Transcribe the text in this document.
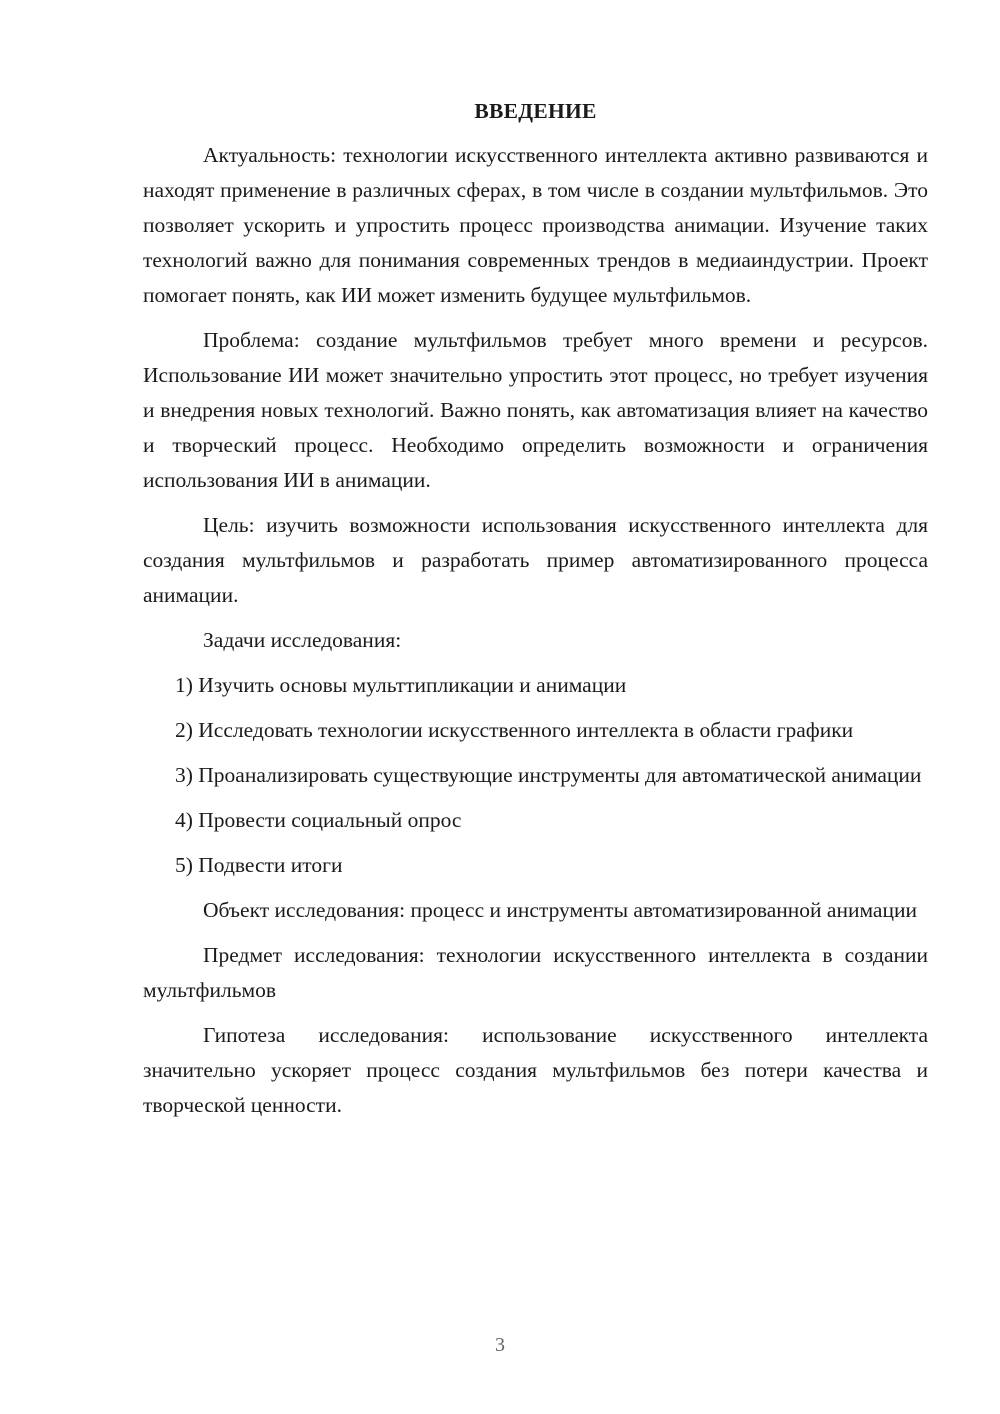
ВВЕДЕНИЕ

Актуальность: технологии искусственного интеллекта активно развиваются и находят применение в различных сферах, в том числе в создании мультфильмов. Это позволяет ускорить и упростить процесс производства анимации. Изучение таких технологий важно для понимания современных трендов в медиаиндустрии. Проект помогает понять, как ИИ может изменить будущее мультфильмов.

Проблема: создание мультфильмов требует много времени и ресурсов. Использование ИИ может значительно упростить этот процесс, но требует изучения и внедрения новых технологий. Важно понять, как автоматизация влияет на качество и творческий процесс. Необходимо определить возможности и ограничения использования ИИ в анимации.

Цель: изучить возможности использования искусственного интеллекта для создания мультфильмов и разработать пример автоматизированного процесса анимации.

Задачи исследования:

1) Изучить основы мульттипликации и анимации

2) Исследовать технологии искусственного интеллекта в области графики

3) Проанализировать существующие инструменты для автоматической анимации

4) Провести социальный опрос

5) Подвести итоги

Объект исследования: процесс и инструменты автоматизированной анимации

Предмет исследования: технологии искусственного интеллекта в создании мультфильмов

Гипотеза исследования: использование искусственного интеллекта значительно ускоряет процесс создания мультфильмов без потери качества и творческой ценности.

3
